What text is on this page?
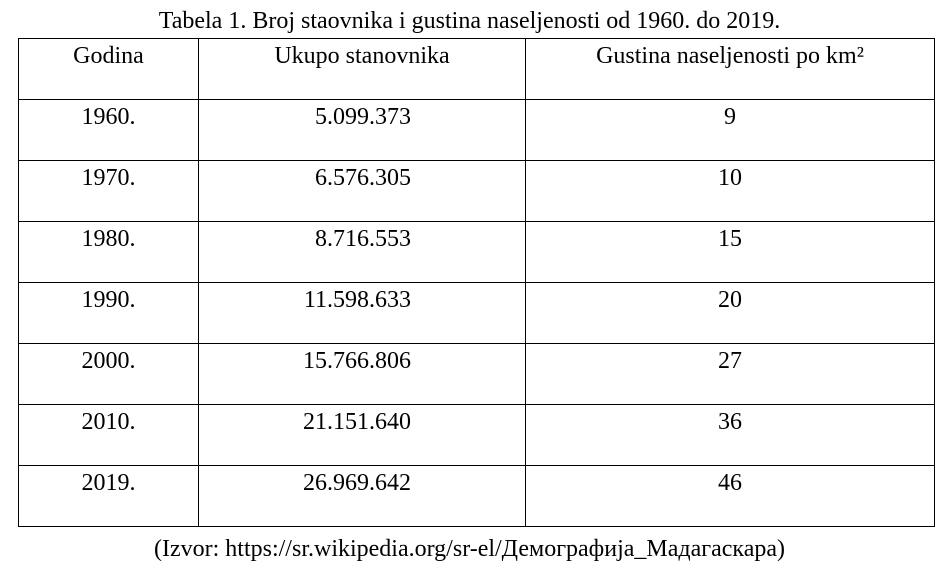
Tabela 1. Broj staovnika i gustina naseljenosti od 1960. do 2019.
Godina	Ukupo stanovnika	Gustina naseljenosti po km²

1960.	5.099.373	9

1970.	6.576.305	10

1980.	8.716.553	15

1990.	11.598.633	20

2000.	15.766.806	27

2010.	21.151.640	36

2019.	26.969.642	46
(Izvor: https://sr.wikipedia.org/sr-el/Демографија_Мадагаскара)
